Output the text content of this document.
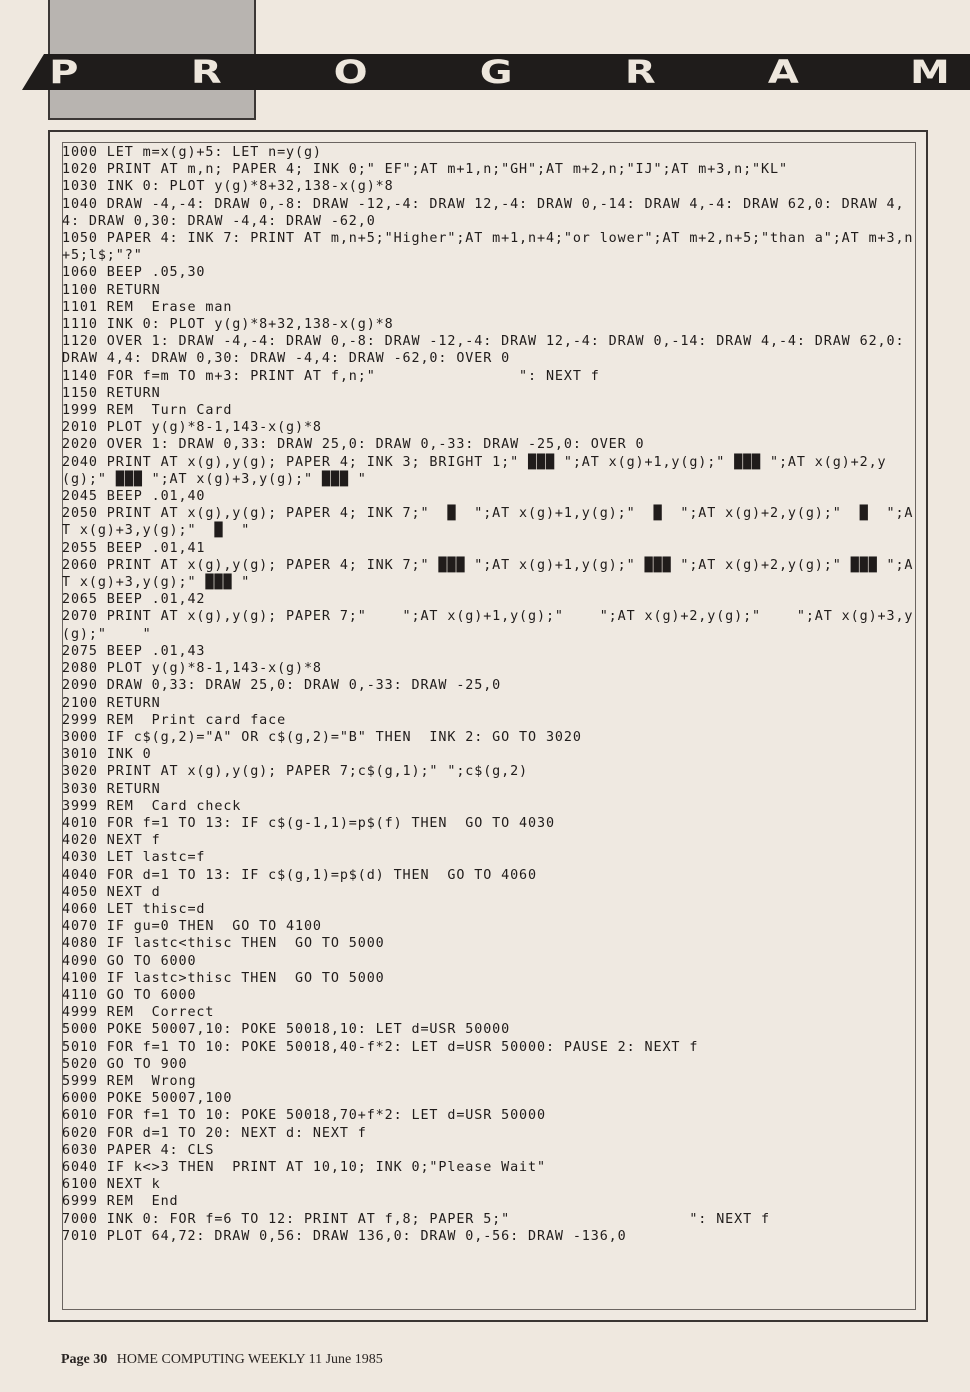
P	R	O	G	R	A	M
1000 LET m=x(g)+5: LET n=y(g)
1020 PRINT AT m,n; PAPER 4; INK 0;" EF";AT m+1,n;"GH";AT m+2,n;"IJ";AT m+3,n;"KL"
1030 INK 0: PLOT y(g)*8+32,138-x(g)*8
1040 DRAW -4,-4: DRAW 0,-8: DRAW -12,-4: DRAW 12,-4: DRAW 0,-14: DRAW 4,-4: DRAW 62,0: DRAW 4,4: DRAW 0,30: DRAW -4,4: DRAW -62,0
1050 PAPER 4: INK 7: PRINT AT m,n+5;"Higher";AT m+1,n+4;"or lower";AT m+2,n+5;"than a";AT m+3,n+5;l$;"?"
1060 BEEP .05,30
1100 RETURN
1101 REM  Erase man
1110 INK 0: PLOT y(g)*8+32,138-x(g)*8
1120 OVER 1: DRAW -4,-4: DRAW 0,-8: DRAW -12,-4: DRAW 12,-4: DRAW 0,-14: DRAW 4,-4: DRAW 62,0: DRAW 4,4: DRAW 0,30: DRAW -4,4: DRAW -62,0: OVER 0
1140 FOR f=m TO m+3: PRINT AT f,n;"                ": NEXT f
1150 RETURN
1999 REM  Turn Card
2010 PLOT y(g)*8-1,143-x(g)*8
2020 OVER 1: DRAW 0,33: DRAW 25,0: DRAW 0,-33: DRAW -25,0: OVER 0
2040 PRINT AT x(g),y(g); PAPER 4; INK 3; BRIGHT 1;" ███ ";AT x(g)+1,y(g);" ███ ";AT x(g)+2,y(g);" ███ ";AT x(g)+3,y(g);" ███ "
2045 BEEP .01,40
2050 PRINT AT x(g),y(g); PAPER 4; INK 7;"  █  ";AT x(g)+1,y(g);"  █  ";AT x(g)+2,y(g);"  █  ";AT x(g)+3,y(g);"  █  "
2055 BEEP .01,41
2060 PRINT AT x(g),y(g); PAPER 4; INK 7;" ███ ";AT x(g)+1,y(g);" ███ ";AT x(g)+2,y(g);" ███ ";AT x(g)+3,y(g);" ███ "
2065 BEEP .01,42
2070 PRINT AT x(g),y(g); PAPER 7;"    ";AT x(g)+1,y(g);"    ";AT x(g)+2,y(g);"    ";AT x(g)+3,y(g);"    "
2075 BEEP .01,43
2080 PLOT y(g)*8-1,143-x(g)*8
2090 DRAW 0,33: DRAW 25,0: DRAW 0,-33: DRAW -25,0
2100 RETURN
2999 REM  Print card face
3000 IF c$(g,2)="A" OR c$(g,2)="B" THEN  INK 2: GO TO 3020
3010 INK 0
3020 PRINT AT x(g),y(g); PAPER 7;c$(g,1);" ";c$(g,2)
3030 RETURN
3999 REM  Card check
4010 FOR f=1 TO 13: IF c$(g-1,1)=p$(f) THEN  GO TO 4030
4020 NEXT f
4030 LET lastc=f
4040 FOR d=1 TO 13: IF c$(g,1)=p$(d) THEN  GO TO 4060
4050 NEXT d
4060 LET thisc=d
4070 IF gu=0 THEN  GO TO 4100
4080 IF lastc<thisc THEN  GO TO 5000
4090 GO TO 6000
4100 IF lastc>thisc THEN  GO TO 5000
4110 GO TO 6000
4999 REM  Correct
5000 POKE 50007,10: POKE 50018,10: LET d=USR 50000
5010 FOR f=1 TO 10: POKE 50018,40-f*2: LET d=USR 50000: PAUSE 2: NEXT f
5020 GO TO 900
5999 REM  Wrong
6000 POKE 50007,100
6010 FOR f=1 TO 10: POKE 50018,70+f*2: LET d=USR 50000
6020 FOR d=1 TO 20: NEXT d: NEXT f
6030 PAPER 4: CLS
6040 IF k<>3 THEN  PRINT AT 10,10; INK 0;"Please Wait"
6100 NEXT k
6999 REM  End
7000 INK 0: FOR f=6 TO 12: PRINT AT f,8; PAPER 5;"                    ": NEXT f
7010 PLOT 64,72: DRAW 0,56: DRAW 136,0: DRAW 0,-56: DRAW -136,0
Page 30 HOME COMPUTING WEEKLY 11 June 1985
